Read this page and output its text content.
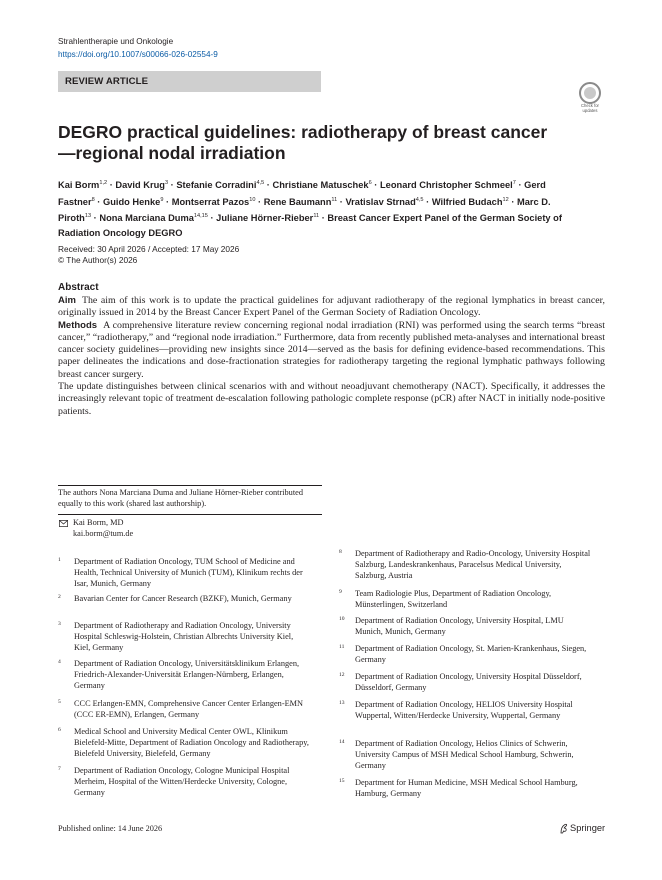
Strahlentherapie und Onkologie
https://doi.org/10.1007/s00066-026-02554-9
REVIEW ARTICLE
Check for updates
DEGRO practical guidelines: radiotherapy of breast cancer—regional nodal irradiation
Kai Borm$^{1,2}$ · David Krug$^3$ · Stefanie Corradini$^{4,5}$ · Christiane Matuschek$^6$ · Leonard Christopher Schmeel$^7$ · Gerd Fastner$^8$ · Guido Henke$^9$ · Montserrat Pazos$^{10}$ · Rene Baumann$^{11}$ · Vratislav Strnad$^{4,5}$ · Wilfried Budach$^{12}$ · Marc D. Piroth$^{13}$ · Nona Marciana Duma$^{14,15}$ · Juliane Hörner-Rieber$^{11}$ · Breast Cancer Expert Panel of the German Society of Radiation Oncology DEGRO
Received: 30 April 2026 / Accepted: 17 May 2026
© The Author(s) 2026
Abstract

Aim The aim of this work is to update the practical guidelines for adjuvant radiotherapy of the regional lymphatics in breast cancer, originally issued in 2014 by the Breast Cancer Expert Panel of the German Society of Radiation Oncology.

Methods A comprehensive literature review concerning regional nodal irradiation (RNI) was performed using the search terms “breast cancer,” “radiotherapy,” and “regional node irradiation.” Furthermore, data from recently published meta-analyses and international breast cancer society guidelines—providing new insights since 2014—served as the basis for defining evidence-based recommendations. This paper delineates the indications and dose-fractionation strategies for radiotherapy targeting the regional lymphatic pathways following breast cancer surgery.

The update distinguishes between clinical scenarios with and without neoadjuvant chemotherapy (NACT). Specifically, it addresses the increasingly relevant topic of treatment de-escalation following pathologic complete response (pCR) after NACT in initially node-positive patients.

The authors Nona Marciana Duma and Juliane Hörner-Rieber contributed equally to this work (shared last authorship).
Kai Borm, MD
kai.borm@tum.de
1 Department of Radiation Oncology, TUM School of Medicine and Health, Technical University of Munich (TUM), Klinikum rechts der Isar, Munich, Germany
2 Bavarian Center for Cancer Research (BZKF), Munich, Germany
3 Department of Radiotherapy and Radiation Oncology, University Hospital Schleswig-Holstein, Christian Albrechts University Kiel, Kiel, Germany
4 Department of Radiation Oncology, Universitätsklinikum Erlangen, Friedrich-Alexander-Universität Erlangen-Nürnberg, Erlangen, Germany
5 CCC Erlangen-EMN, Comprehensive Cancer Center Erlangen-EMN (CCC ER-EMN), Erlangen, Germany
6 Medical School and University Medical Center OWL, Klinikum Bielefeld-Mitte, Department of Radiation Oncology and Radiotherapy, Bielefeld University, Bielefeld, Germany
7 Department of Radiation Oncology, Cologne Municipal Hospital Merheim, Hospital of the Witten/Herdecke University, Cologne, Germany
8 Department of Radiotherapy and Radio-Oncology, University Hospital Salzburg, Landeskrankenhaus, Paracelsus Medical University, Salzburg, Austria
9 Team Radiologie Plus, Department of Radiation Oncology, Münsterlingen, Switzerland
10 Department of Radiation Oncology, University Hospital, LMU Munich, Munich, Germany
11 Department of Radiation Oncology, St. Marien-Krankenhaus, Siegen, Germany
12 Department of Radiation Oncology, University Hospital Düsseldorf, Düsseldorf, Germany
13 Department of Radiation Oncology, HELIOS University Hospital Wuppertal, Witten/Herdecke University, Wuppertal, Germany
14 Department of Radiation Oncology, Helios Clinics of Schwerin, University Campus of MSH Medical School Hamburg, Schwerin, Germany
15 Department for Human Medicine, MSH Medical School Hamburg, Hamburg, Germany
Published online: 14 June 2026	Springer
